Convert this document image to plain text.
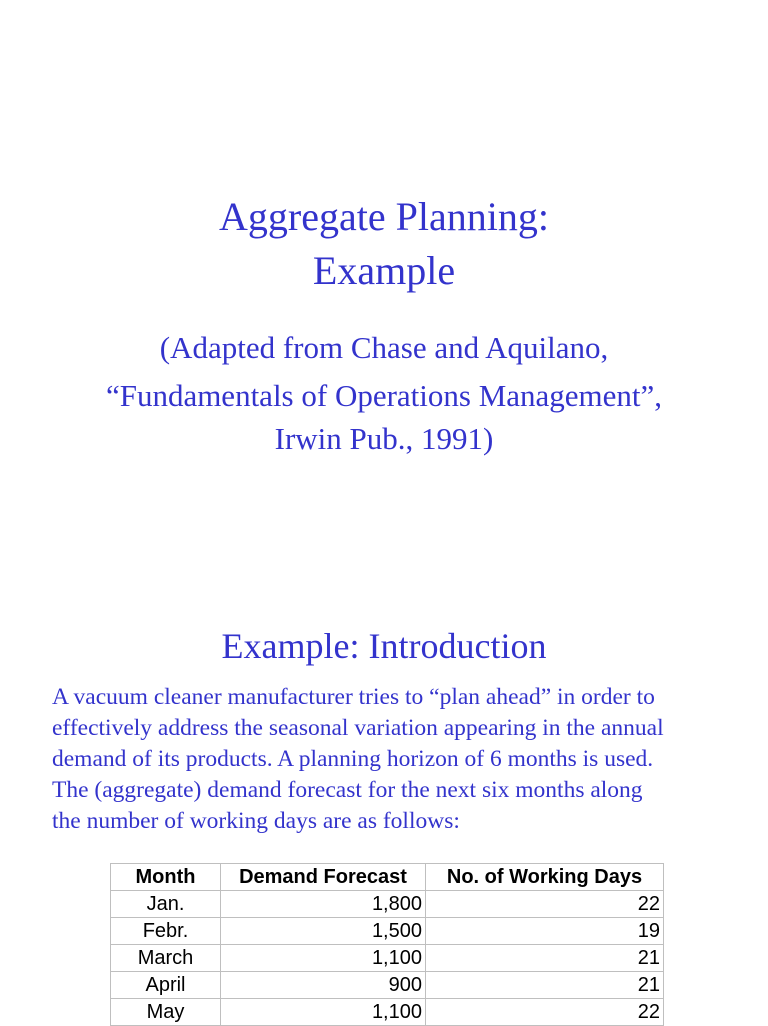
Aggregate Planning:
Example
(Adapted from Chase and Aquilano,
“Fundamentals of Operations Management”,
Irwin Pub., 1991)
Example: Introduction

A vacuum cleaner manufacturer tries to “plan ahead” in order to
effectively address the seasonal variation appearing in the annual
demand of its products. A planning horizon of 6 months is used.
The (aggregate) demand forecast for the next six months along
the number of working days are as follows:

Month	Demand Forecast	No. of Working Days
Jan.	1,800	22
Febr.	1,500	19
March	1,100	21
April	900	21
May	1,100	22
